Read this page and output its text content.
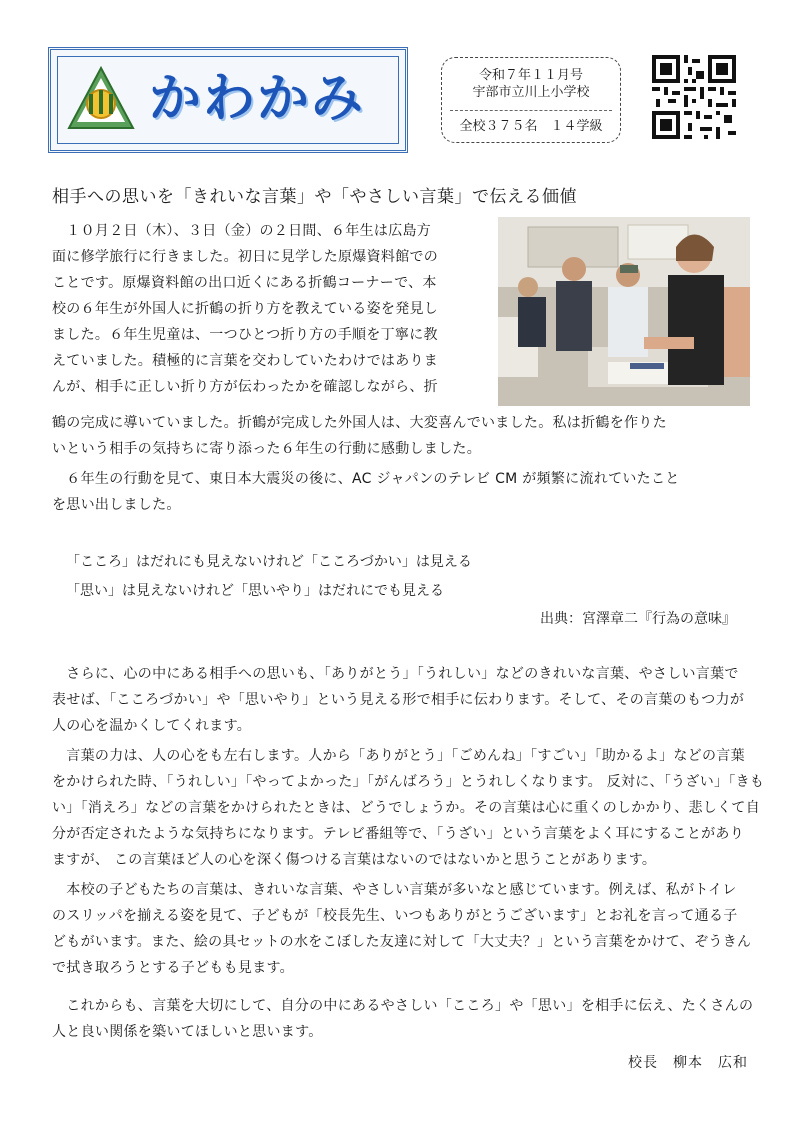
かわかみ	令和７年１１月号
宇部市立川上小学校
全校３７５名　１４学級
相手への思いを「きれいな言葉」や「やさしい言葉」で伝える価値
　１０月２日（木）、３日（金）の２日間、６年生は広島方
面に修学旅行に行きました。初日に見学した原爆資料館での
ことです。原爆資料館の出口近くにある折鶴コーナーで、本
校の６年生が外国人に折鶴の折り方を教えている姿を発見し
ました。６年生児童は、一つひとつ折り方の手順を丁寧に教
えていました。積極的に言葉を交わしていたわけではありま
んが、相手に正しい折り方が伝わったかを確認しながら、折
鶴の完成に導いていました。折鶴が完成した外国人は、大変喜んでいました。私は折鶴を作りた
いという相手の気持ちに寄り添った６年生の行動に感動しました。
　６年生の行動を見て、東日本大震災の後に、AC ジャパンのテレビ CM が頻繁に流れていたこと
を思い出しました。
「こころ」はだれにも見えないけれど「こころづかい」は見える
「思い」は見えないけれど「思いやり」はだれにでも見える
出典：宮澤章二『行為の意味』
　さらに、心の中にある相手への思いも、「ありがとう」「うれしい」などのきれいな言葉、やさしい言葉で
表せば、「こころづかい」や「思いやり」という見える形で相手に伝わります。そして、その言葉のもつ力が
人の心を温かくしてくれます。
　言葉の力は、人の心をも左右します。人から「ありがとう」「ごめんね」「すごい」「助かるよ」などの言葉
をかけられた時、「うれしい」「やってよかった」「がんばろう」とうれしくなります。 反対に、「うざい」「きも
い」「消えろ」などの言葉をかけられたときは、どうでしょうか。その言葉は心に重くのしかかり、悲しくて自
分が否定されたような気持ちになります。テレビ番組等で、「うざい」という言葉をよく耳にすることがあり
ますが、 この言葉ほど人の心を深く傷つける言葉はないのではないかと思うことがあります。
　本校の子どもたちの言葉は、きれいな言葉、やさしい言葉が多いなと感じています。例えば、私がトイレ
のスリッパを揃える姿を見て、子どもが「校長先生、いつもありがとうございます」とお礼を言って通る子
どもがいます。また、絵の具セットの水をこぼした友達に対して「大丈夫？」という言葉をかけて、ぞうきん
で拭き取ろうとする子どもも見ます。
　これからも、言葉を大切にして、自分の中にあるやさしい「こころ」や「思い」を相手に伝え、たくさんの
人と良い関係を築いてほしいと思います。
校長　柳本　広和
